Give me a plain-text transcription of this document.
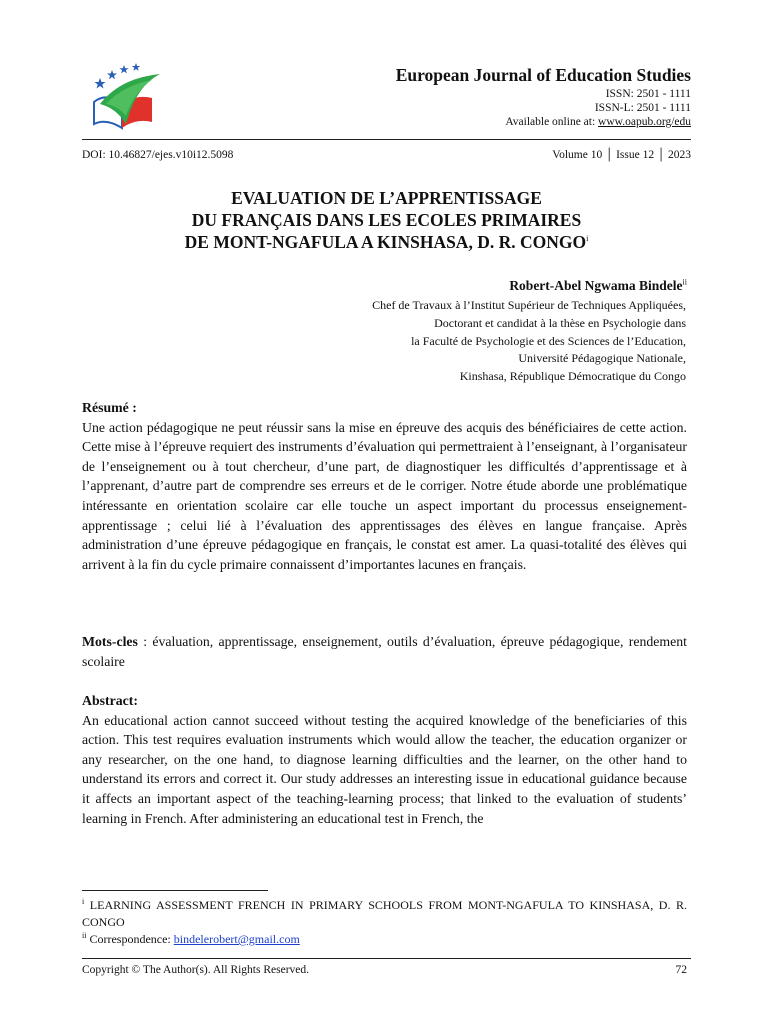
European Journal of Education Studies
ISSN: 2501 - 1111
ISSN-L: 2501 - 1111
Available online at: www.oapub.org/edu
DOI: 10.46827/ejes.v10i12.5098	Volume 10 │ Issue 12 │ 2023
EVALUATION DE L’APPRENTISSAGE
DU FRANÇAIS DANS LES ECOLES PRIMAIRES
DE MONT-NGAFULA A KINSHASA, D. R. CONGO$^i$
Robert-Abel Ngwama Bindele$^{ii}$
Chef de Travaux à l’Institut Supérieur de Techniques Appliquées,
Doctorant et candidat à la thèse en Psychologie dans
la Faculté de Psychologie et des Sciences de l’Education,
Université Pédagogique Nationale,
Kinshasa, République Démocratique du Congo
Résumé :

Une action pédagogique ne peut réussir sans la mise en épreuve des acquis des bénéficiaires de cette action. Cette mise à l’épreuve requiert des instruments d’évaluation qui permettraient à l’enseignant, à l’organisateur de l’enseignement ou à tout chercheur, d’une part, de diagnostiquer les difficultés d’apprentissage et à l’apprenant, d’autre part de comprendre ses erreurs et de le corriger. Notre étude aborde une problématique intéressante en orientation scolaire car elle touche un aspect important du processus enseignement-apprentissage ; celui lié à l’évaluation des apprentissages des élèves en langue française. Après administration d’une épreuve pédagogique en français, le constat est amer. La quasi-totalité des élèves qui arrivent à la fin du cycle primaire connaissent d’importantes lacunes en français.

Mots-cles : évaluation, apprentissage, enseignement, outils d’évaluation, épreuve pédagogique, rendement scolaire

Abstract:

An educational action cannot succeed without testing the acquired knowledge of the beneficiaries of this action. This test requires evaluation instruments which would allow the teacher, the education organizer or any researcher, on the one hand, to diagnose learning difficulties and the learner, on the other hand to understand its errors and correct it. Our study addresses an interesting issue in educational guidance because it affects an important aspect of the teaching-learning process; that linked to the evaluation of students’ learning in French. After administering an educational test in French, the

$^i$ LEARNING ASSESSMENT FRENCH IN PRIMARY SCHOOLS FROM MONT-NGAFULA TO KINSHASA, D. R. CONGO
$^{ii}$ Correspondence: bindelerobert@gmail.com
Copyright © The Author(s). All Rights Reserved.	72
